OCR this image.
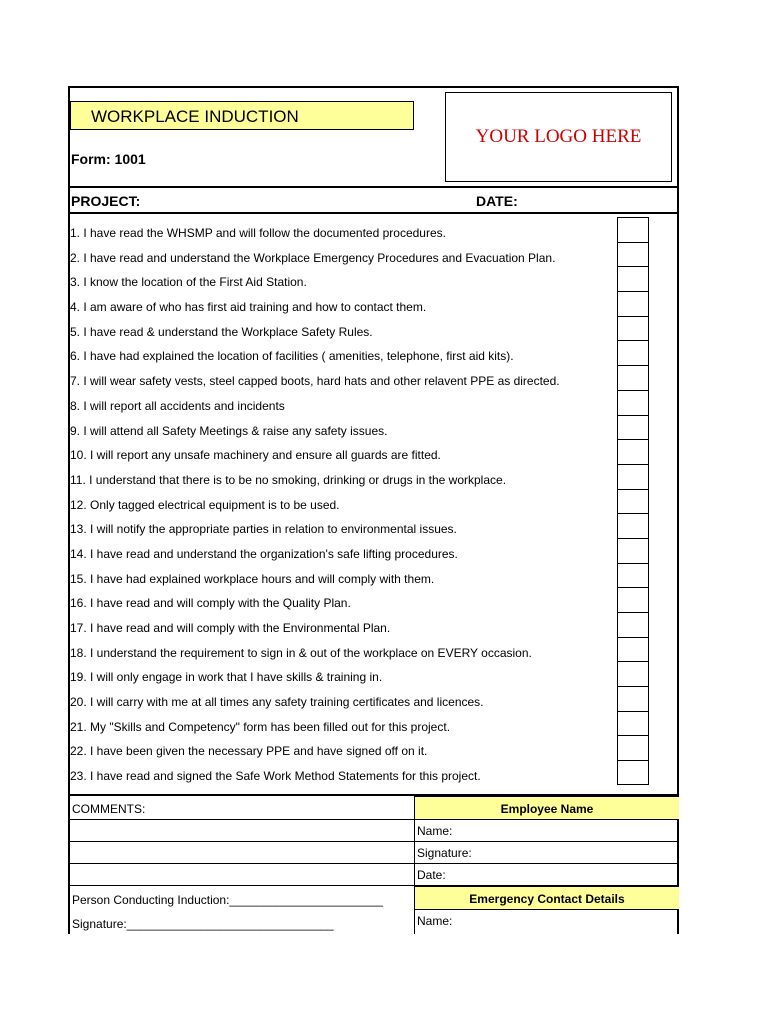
WORKPLACE INDUCTION
Form: 1001
YOUR LOGO HERE
PROJECT:	DATE:
1. I have read the WHSMP and will follow the documented procedures.
2. I have read and understand the Workplace Emergency Procedures and Evacuation Plan.
3. I know the location of the First Aid Station.
4. I am aware of who has first aid training and how to contact them.
5. I have read & understand the Workplace Safety Rules.
6. I have had explained the location of facilities ( amenities, telephone, first aid kits).
7. I will wear safety vests, steel capped boots, hard hats and other relavent PPE as directed.
8. I will report all accidents and incidents
9. I will attend all Safety Meetings & raise any safety issues.
10. I will report any unsafe machinery and ensure all guards are fitted.
11. I understand that there is to be no smoking, drinking or drugs in the workplace.
12. Only tagged electrical equipment is to be used.
13. I will notify the appropriate parties in relation to environmental issues.
14. I have read and understand the organization's safe lifting procedures.
15. I have had explained workplace hours and will comply with them.
16. I have read and will comply with the Quality Plan.
17. I have read and will comply with the Environmental Plan.
18. I understand the requirement to sign in & out of the workplace on EVERY occasion.
19. I will only engage in work that I have skills & training in.
20. I will carry with me at all times any safety training certificates and licences.
21. My "Skills and Competency" form has been filled out for this project.
22. I have been given the necessary PPE and have signed off on it.
23. I have read and signed the Safe Work Method Statements for this project.
COMMENTS:
Person Conducting Induction:_______________________
Signature:_______________________________
Employee Name
Name:
Signature:
Date:
Emergency Contact Details
Name:
